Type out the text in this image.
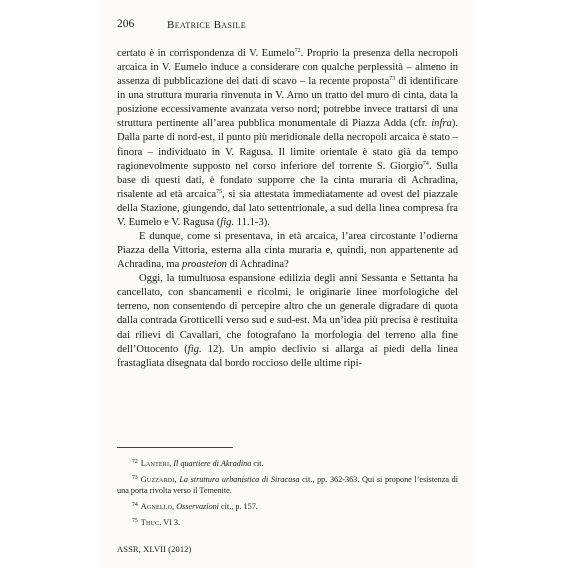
206	Beatrice Basile

certato è in corrispondenza di V. Eumelo$^{72}$. Proprio la presenza della necropoli arcaica in V. Eumelo induce a considerare con qualche perplessità – almeno in assenza di pubblicazione dei dati di scavo – la recente proposta$^{73}$ di identificare in una struttura muraria rinvenuta in V. Arno un tratto del muro di cinta, data la posizione eccessivamente avanzata verso nord; potrebbe invece trattarsi di una struttura pertinente all’area pubblica monumentale di Piazza Adda (cfr. infra). Dalla parte di nord-est, il punto più meridionale della necropoli arcaica è stato – finora – individuato in V. Ragusa. Il limite orientale è stato già da tempo ragionevolmente supposto nel corso inferiore del torrente S. Giorgio$^{74}$. Sulla base di questi dati, è fondato supporre che la cinta muraria di Achradina, risalente ad età arcaica$^{75}$, si sia attestata immediatamente ad ovest del piazzale della Stazione, giungendo, dal lato settentrionale, a sud della linea compresa fra V. Eumelo e V. Ragusa (fig. 11.1-3).

E dunque, come si presentava, in età arcaica, l’area circostante l’odierna Piazza della Vittoria, esterna alla cinta muraria e, quindi, non appartenente ad Achradina, ma proasteion di Achradina?

Oggi, la tumultuosa espansione edilizia degli anni Sessanta e Settanta ha cancellato, con sbancamenti e ricolmi, le originarie linee morfologiche del terreno, non consentendo di percepire altro che un generale digradare di quota dalla contrada Grotticelli verso sud e sud-est. Ma un’idea più precisa è restituita dai rilievi di Cavallari, che fotografano la morfologia del terreno alla fine dell’Ottocento (fig. 12). Un ampio declivio si allarga ai piedi della linea frastagliata disegnata dal bordo roccioso delle ultime ripi-

$^{72}$ Lanteri, Il quartiere di Akradina cit.

$^{73}$ Guzzardi, La struttura urbanistica di Siracusa cit., pp. 362-363. Qui si propone l’esistenza di una porta rivolta verso il Temenite.

$^{74}$ Agnello, Osservazioni cit., p. 157.

$^{75}$ Thuc. VI 3.

ASSR, XLVII (2012)
